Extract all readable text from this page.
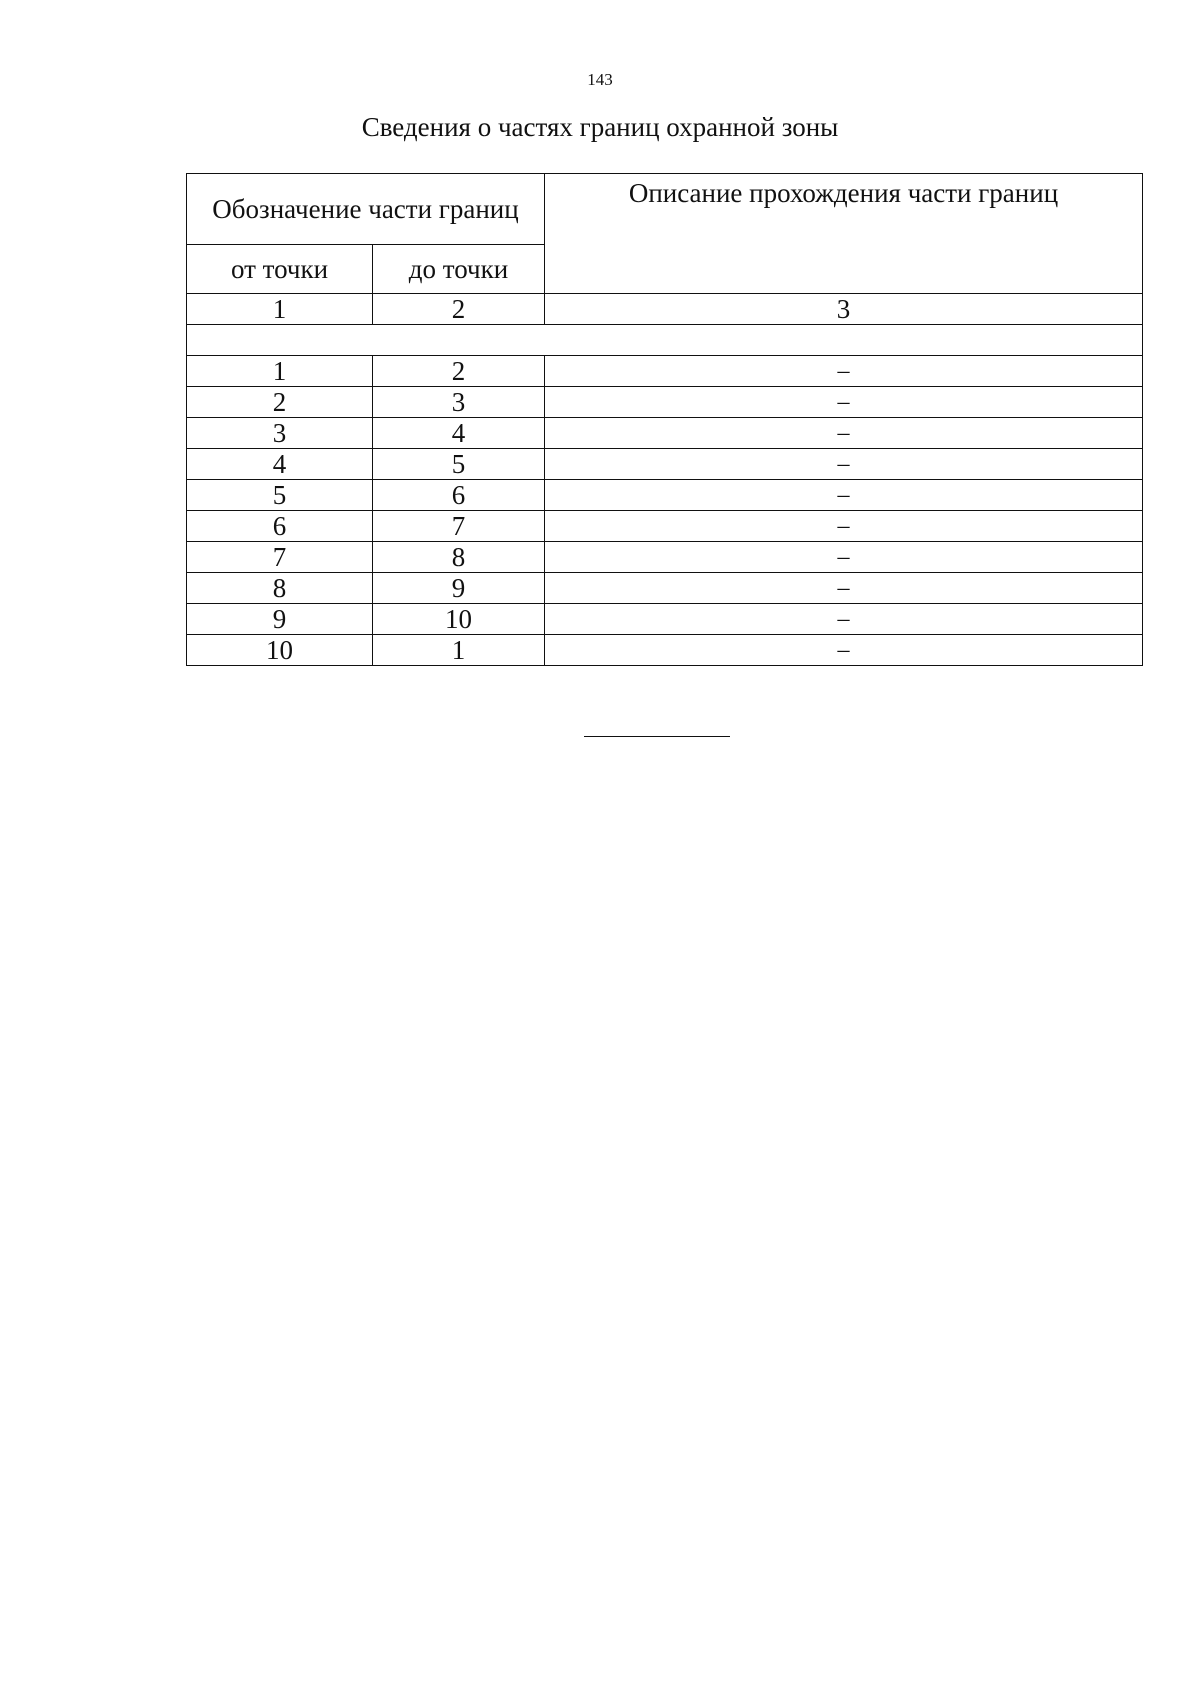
143
Сведения о частях границ охранной зоны
Обозначение части границ		Описание прохождения части границ
от точки	до точки	
1	2	3

1	2	–
2	3	–
3	4	–
4	5	–
5	6	–
6	7	–
7	8	–
8	9	–
9	10	–
10	1	–
